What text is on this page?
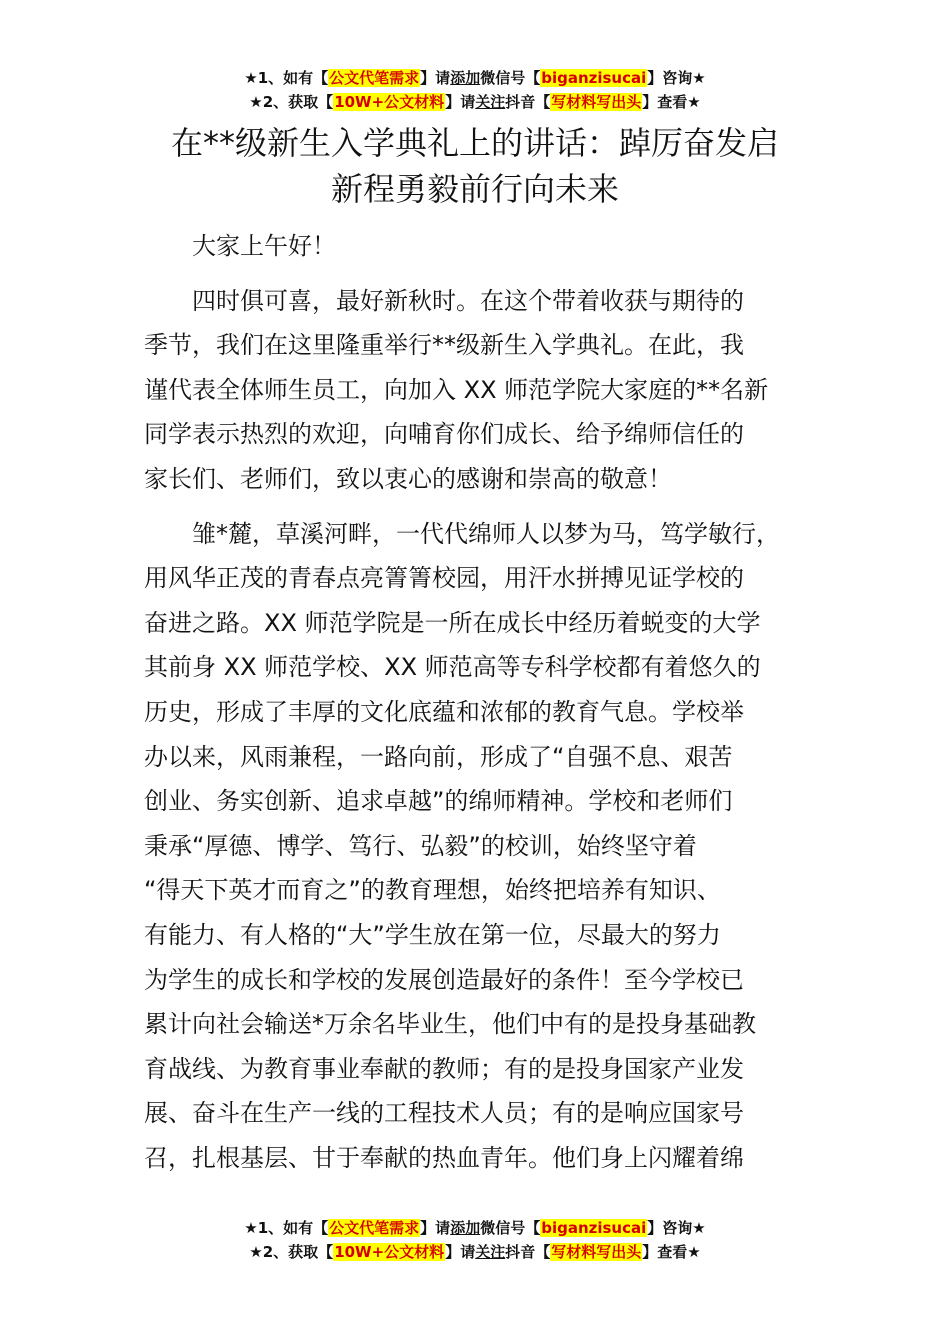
★1、如有【公文代笔需求】请添加微信号【biganzisucai】咨询★
★2、获取【10W+公文材料】请关注抖音【写材料写出头】查看★
在**级新生入学典礼上的讲话：踔厉奋发启
新程勇毅前行向未来

大家上午好！

四时俱可喜，最好新秋时。在这个带着收获与期待的
季节，我们在这里隆重举行**级新生入学典礼。在此，我
谨代表全体师生员工，向加入 XX 师范学院大家庭的**名新
同学表示热烈的欢迎，向哺育你们成长、给予绵师信任的
家长们、老师们，致以衷心的感谢和崇高的敬意！

雏*麓，草溪河畔，一代代绵师人以梦为马，笃学敏行，
用风华正茂的青春点亮箐箐校园，用汗水拼搏见证学校的
奋进之路。XX 师范学院是一所在成长中经历着蜕变的大学
其前身 XX 师范学校、XX 师范高等专科学校都有着悠久的
历史，形成了丰厚的文化底蕴和浓郁的教育气息。学校举
办以来，风雨兼程，一路向前，形成了“自强不息、艰苦
创业、务实创新、追求卓越”的绵师精神。学校和老师们
秉承“厚德、博学、笃行、弘毅”的校训，始终坚守着
“得天下英才而育之”的教育理想，始终把培养有知识、
有能力、有人格的“大”学生放在第一位，尽最大的努力
为学生的成长和学校的发展创造最好的条件！至今学校已
累计向社会输送*万余名毕业生，他们中有的是投身基础教
育战线、为教育事业奉献的教师；有的是投身国家产业发
展、奋斗在生产一线的工程技术人员；有的是响应国家号
召，扎根基层、甘于奉献的热血青年。他们身上闪耀着绵

★1、如有【公文代笔需求】请添加微信号【biganzisucai】咨询★
★2、获取【10W+公文材料】请关注抖音【写材料写出头】查看★
